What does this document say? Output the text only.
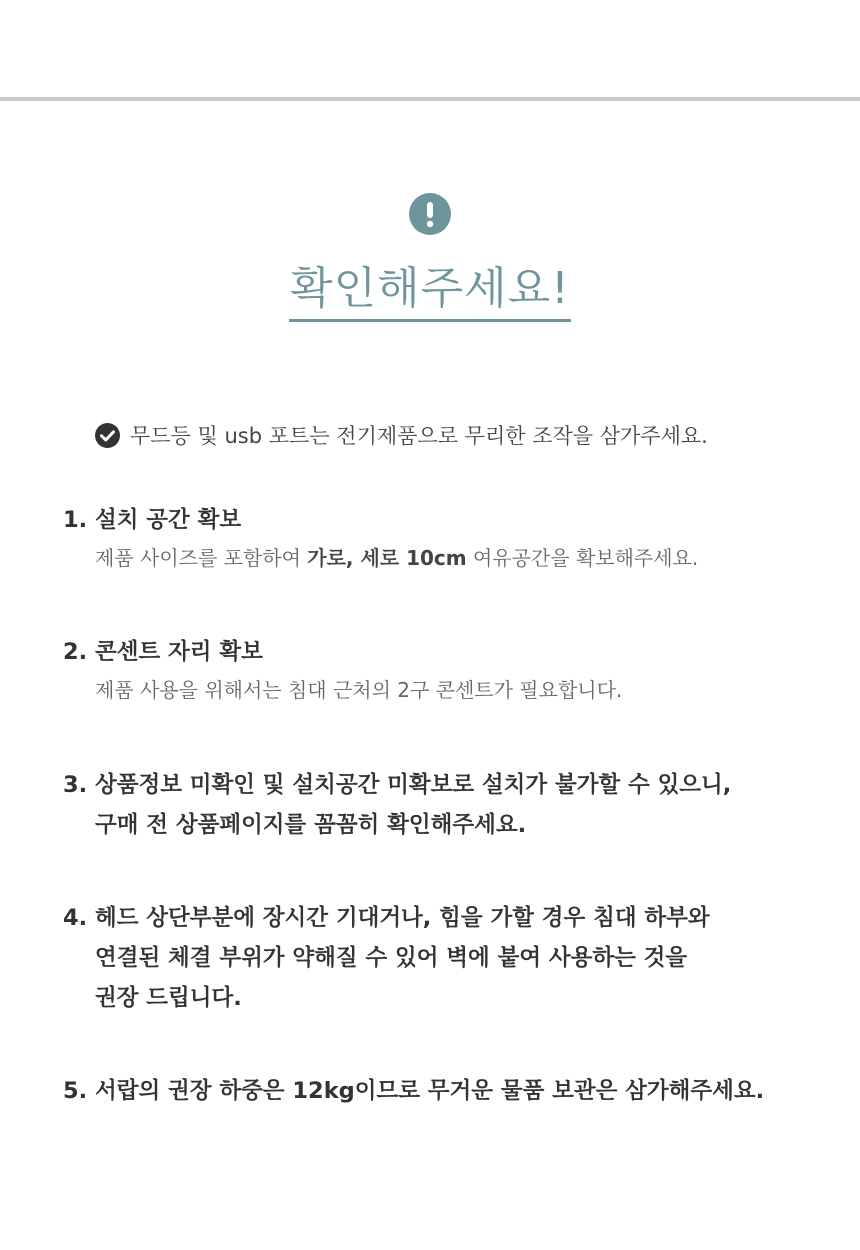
확인해주세요!
무드등 및 usb 포트는 전기제품으로 무리한 조작을 삼가주세요.
1. 설치 공간 확보
제품 사이즈를 포함하여 가로, 세로 10cm 여유공간을 확보해주세요.
2. 콘센트 자리 확보
제품 사용을 위해서는 침대 근처의 2구 콘센트가 필요합니다.
3. 상품정보 미확인 및 설치공간 미확보로 설치가 불가할 수 있으니,
구매 전 상품페이지를 꼼꼼히 확인해주세요.
4. 헤드 상단부분에 장시간 기대거나, 힘을 가할 경우 침대 하부와
연결된 체결 부위가 약해질 수 있어 벽에 붙여 사용하는 것을
권장 드립니다.
5. 서랍의 권장 하중은 12kg이므로 무거운 물품 보관은 삼가해주세요.
